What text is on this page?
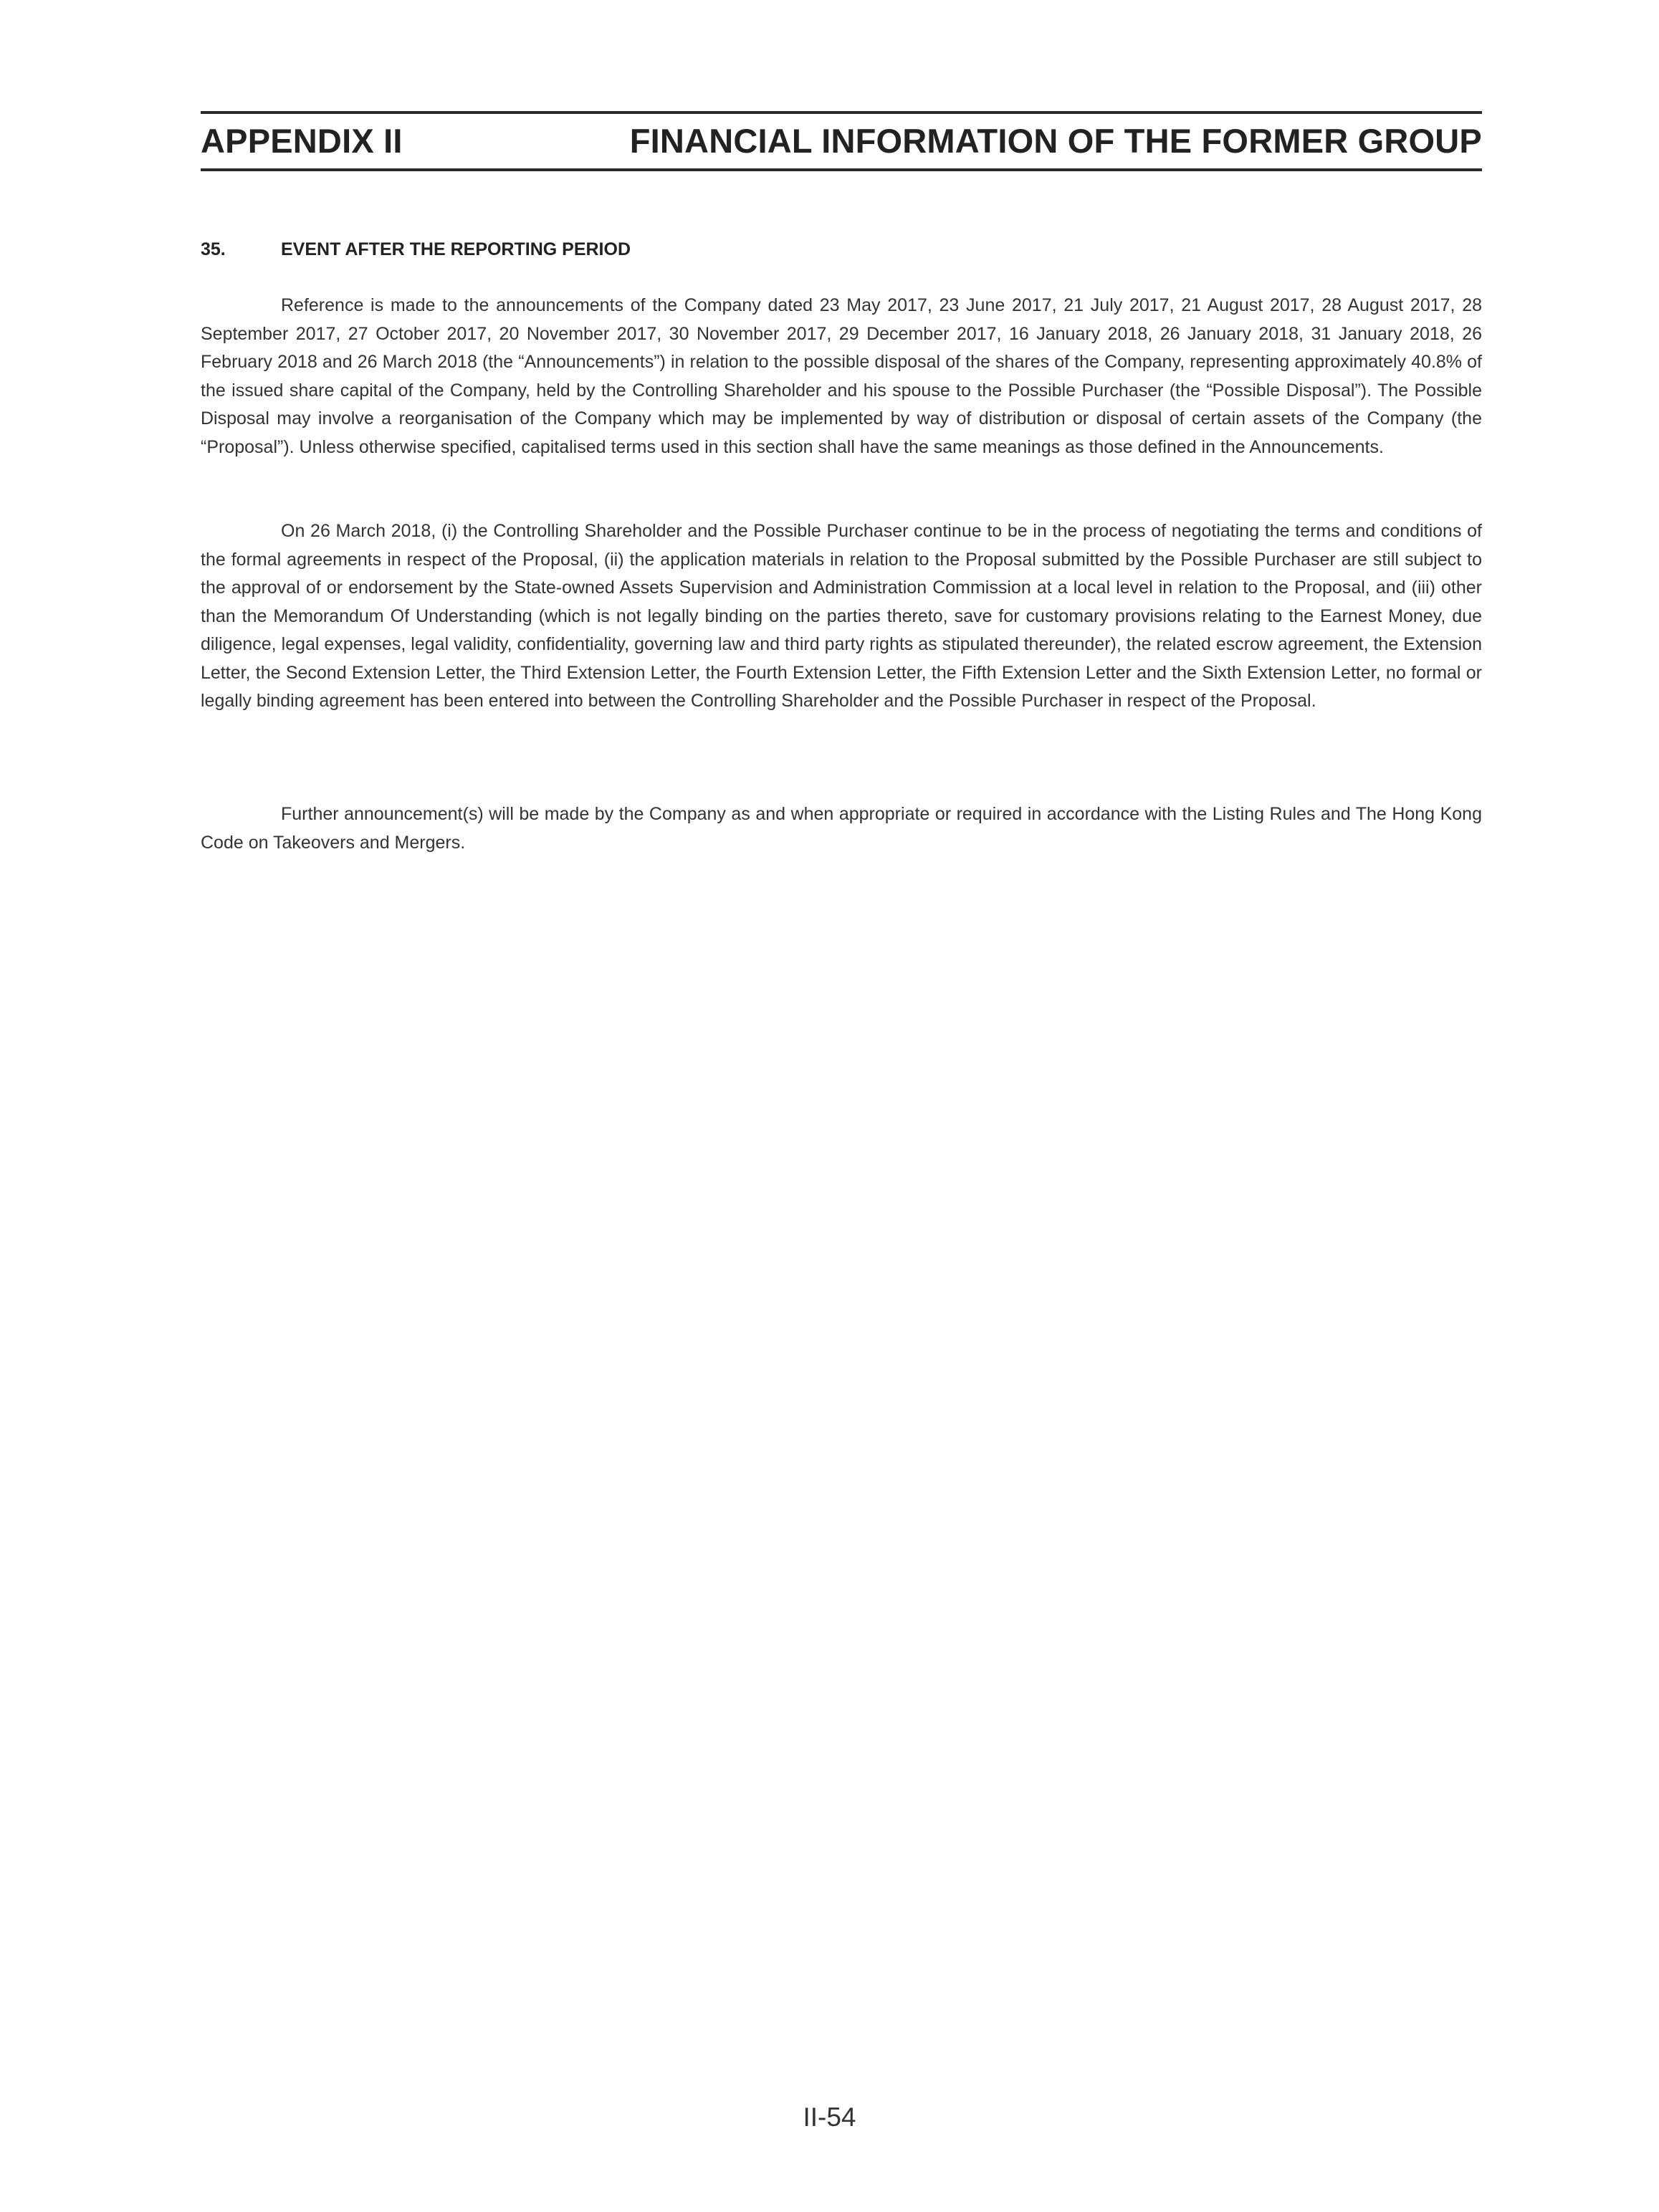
APPENDIX II	FINANCIAL INFORMATION OF THE FORMER GROUP
35.	EVENT AFTER THE REPORTING PERIOD

Reference is made to the announcements of the Company dated 23 May 2017, 23 June 2017, 21 July 2017, 21 August 2017, 28 August 2017, 28 September 2017, 27 October 2017, 20 November 2017, 30 November 2017, 29 December 2017, 16 January 2018, 26 January 2018, 31 January 2018, 26 February 2018 and 26 March 2018 (the “Announcements”) in relation to the possible disposal of the shares of the Company, representing approximately 40.8% of the issued share capital of the Company, held by the Controlling Shareholder and his spouse to the Possible Purchaser (the “Possible Disposal”). The Possible Disposal may involve a reorganisation of the Company which may be implemented by way of distribution or disposal of certain assets of the Company (the “Proposal”). Unless otherwise specified, capitalised terms used in this section shall have the same meanings as those defined in the Announcements.

On 26 March 2018, (i) the Controlling Shareholder and the Possible Purchaser continue to be in the process of negotiating the terms and conditions of the formal agreements in respect of the Proposal, (ii) the application materials in relation to the Proposal submitted by the Possible Purchaser are still subject to the approval of or endorsement by the State-owned Assets Supervision and Administration Commission at a local level in relation to the Proposal, and (iii) other than the Memorandum Of Understanding (which is not legally binding on the parties thereto, save for customary provisions relating to the Earnest Money, due diligence, legal expenses, legal validity, confidentiality, governing law and third party rights as stipulated thereunder), the related escrow agreement, the Extension Letter, the Second Extension Letter, the Third Extension Letter, the Fourth Extension Letter, the Fifth Extension Letter and the Sixth Extension Letter, no formal or legally binding agreement has been entered into between the Controlling Shareholder and the Possible Purchaser in respect of the Proposal.

Further announcement(s) will be made by the Company as and when appropriate or required in accordance with the Listing Rules and The Hong Kong Code on Takeovers and Mergers.

II-54
